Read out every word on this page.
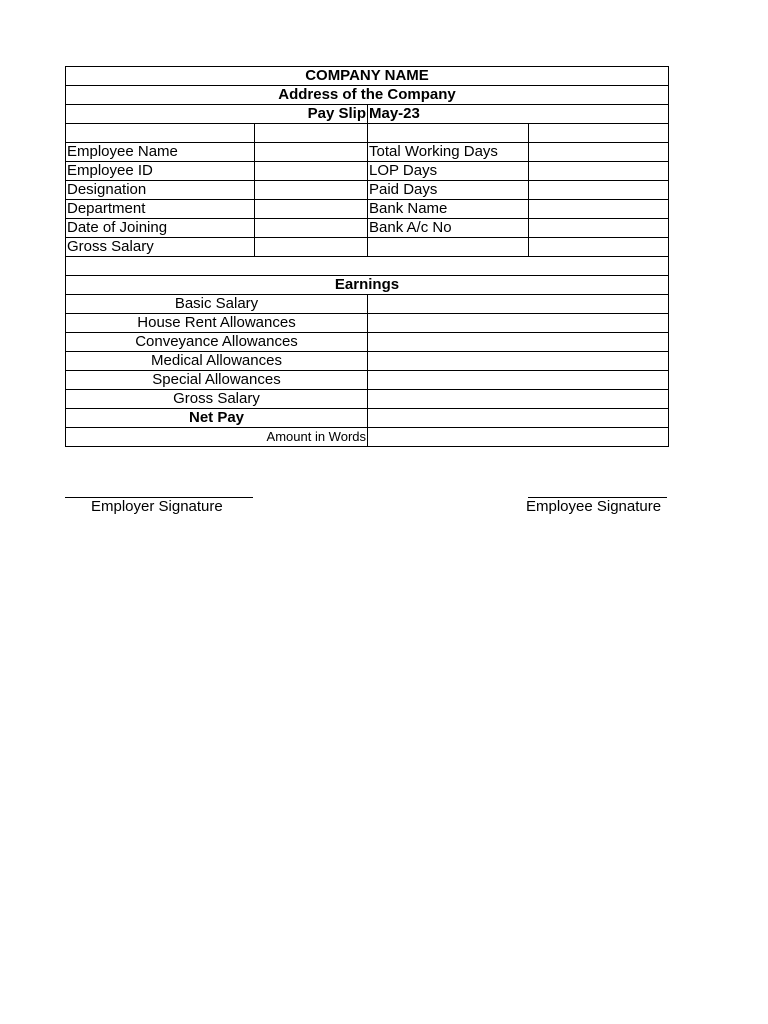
COMPANY NAME			
Address of the Company			
Pay Slip		May-23	

Employee Name		Total Working Days	
Employee ID		LOP Days	
Designation		Paid Days	
Department		Bank Name	
Date of Joining		Bank A/c No	
Gross Salary			

Earnings			
Basic Salary			
House Rent Allowances			
Conveyance Allowances			
Medical Allowances			
Special Allowances			
Gross Salary			
Net Pay			
Amount in Words			
Employer Signature	Employee Signature
